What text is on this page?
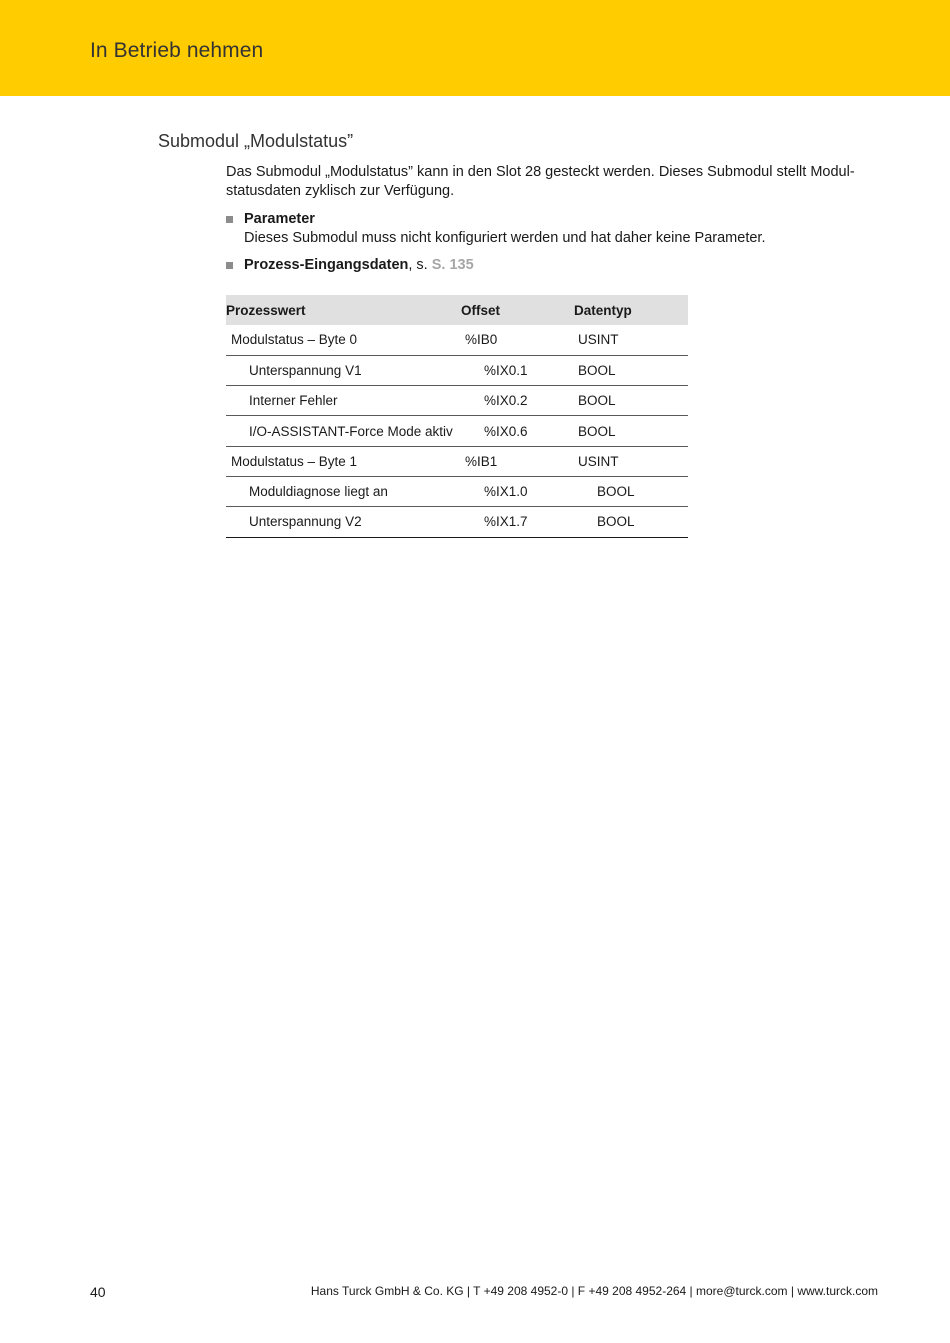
In Betrieb nehmen
Submodul „Modulstatus”
Das Submodul „Modulstatus” kann in den Slot 28 gesteckt werden. Dieses Submodul stellt Modul-
statusdaten zyklisch zur Verfügung.
Parameter
Dieses Submodul muss nicht konfiguriert werden und hat daher keine Parameter.
Prozess-Eingangsdaten, s. S. 135
Prozesswert	Offset	Datentyp
Modulstatus – Byte 0	%IB0	USINT
Unterspannung V1	%IX0.1	BOOL
Interner Fehler	%IX0.2	BOOL
I/O-ASSISTANT-Force Mode aktiv	%IX0.6	BOOL
Modulstatus – Byte 1	%IB1	USINT
Moduldiagnose liegt an	%IX1.0	BOOL
Unterspannung V2	%IX1.7	BOOL
40	Hans Turck GmbH & Co. KG | T +49 208 4952-0 | F +49 208 4952-264 | more@turck.com | www.turck.com
